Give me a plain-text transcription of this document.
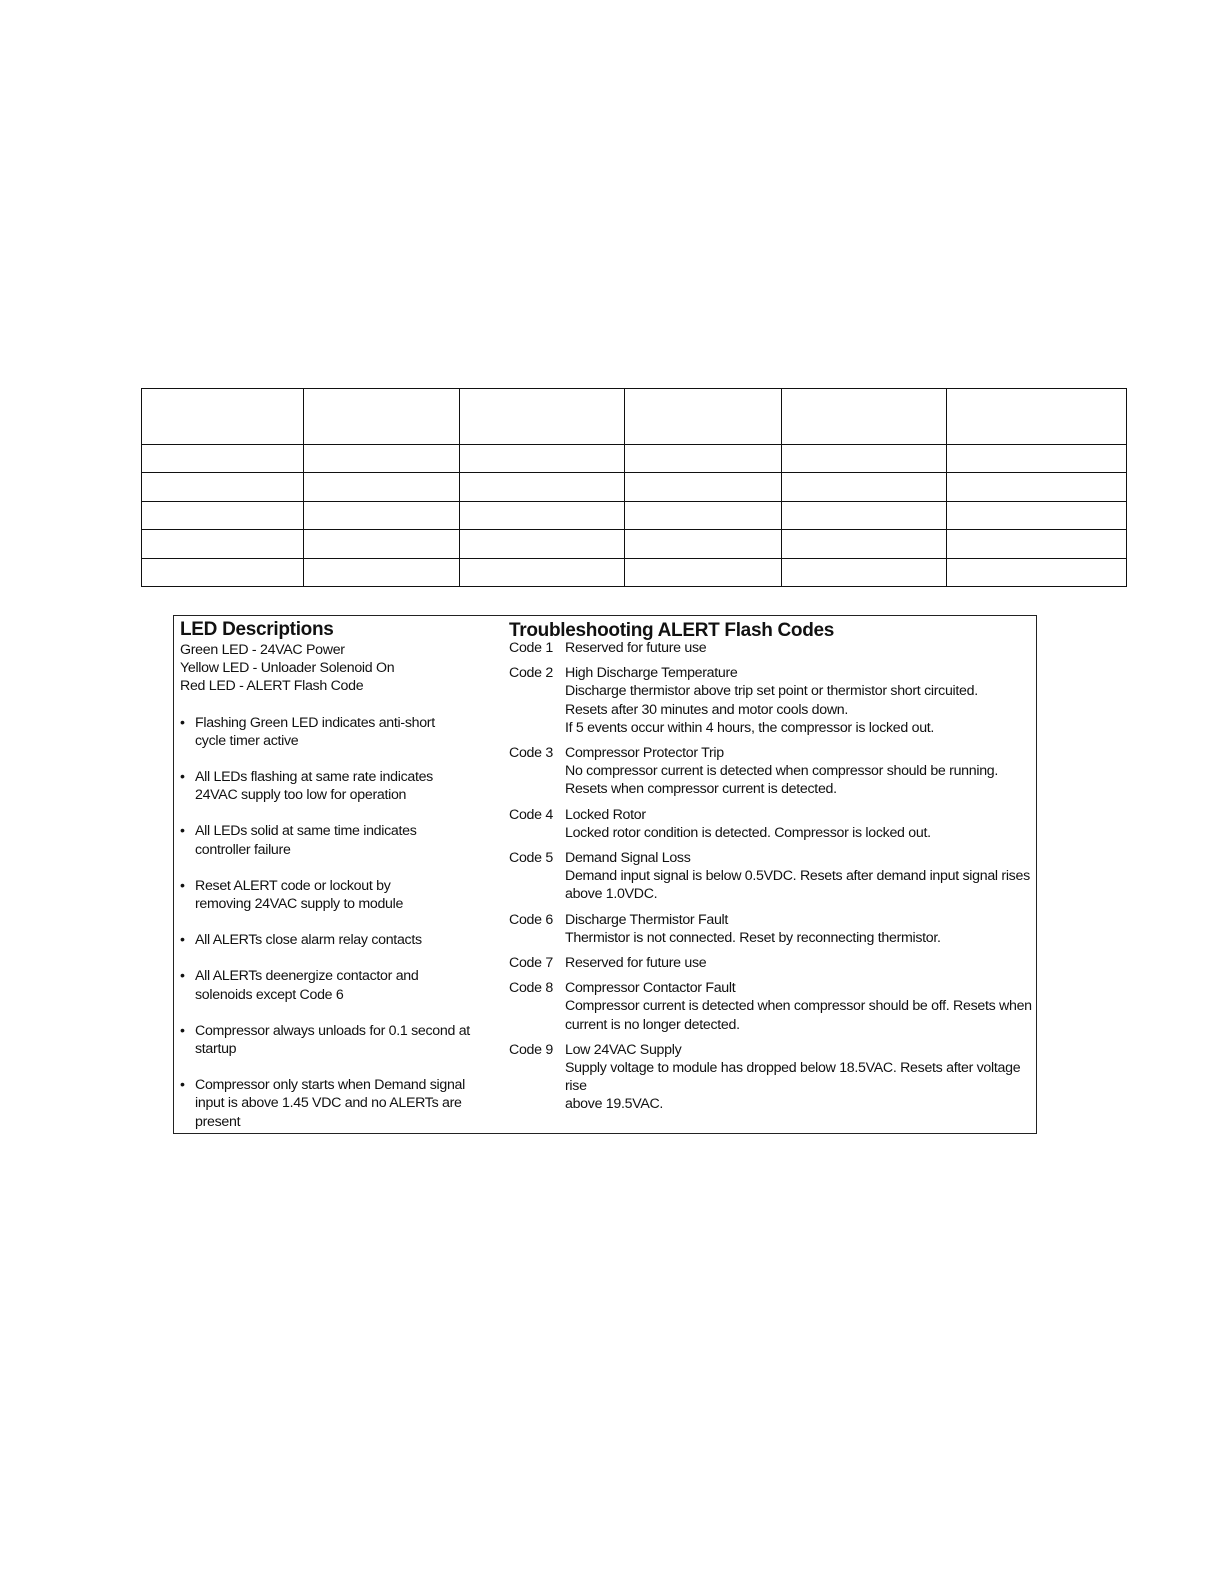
LED Descriptions
Green LED - 24VAC Power
Yellow LED - Unloader Solenoid On
Red LED - ALERT Flash Code
• Flashing Green LED indicates anti-short
cycle timer active
• All LEDs flashing at same rate indicates
24VAC supply too low for operation
• All LEDs solid at same time indicates
controller failure
• Reset ALERT code or lockout by
removing 24VAC supply to module
• All ALERTs close alarm relay contacts
• All ALERTs deenergize contactor and
solenoids except Code 6
• Compressor always unloads for 0.1 second at
startup
• Compressor only starts when Demand signal
input is above 1.45 VDC and no ALERTs are
present
Troubleshooting ALERT Flash Codes
Code 1 Reserved for future use
Code 2 High Discharge Temperature
Discharge thermistor above trip set point or thermistor short circuited.
Resets after 30 minutes and motor cools down.
If 5 events occur within 4 hours, the compressor is locked out.
Code 3 Compressor Protector Trip
No compressor current is detected when compressor should be running.
Resets when compressor current is detected.
Code 4 Locked Rotor
Locked rotor condition is detected. Compressor is locked out.
Code 5 Demand Signal Loss
Demand input signal is below 0.5VDC. Resets after demand input signal rises
above 1.0VDC.
Code 6 Discharge Thermistor Fault
Thermistor is not connected. Reset by reconnecting thermistor.
Code 7 Reserved for future use
Code 8 Compressor Contactor Fault
Compressor current is detected when compressor should be off. Resets when
current is no longer detected.
Code 9 Low 24VAC Supply
Supply voltage to module has dropped below 18.5VAC. Resets after voltage rise
above 19.5VAC.
